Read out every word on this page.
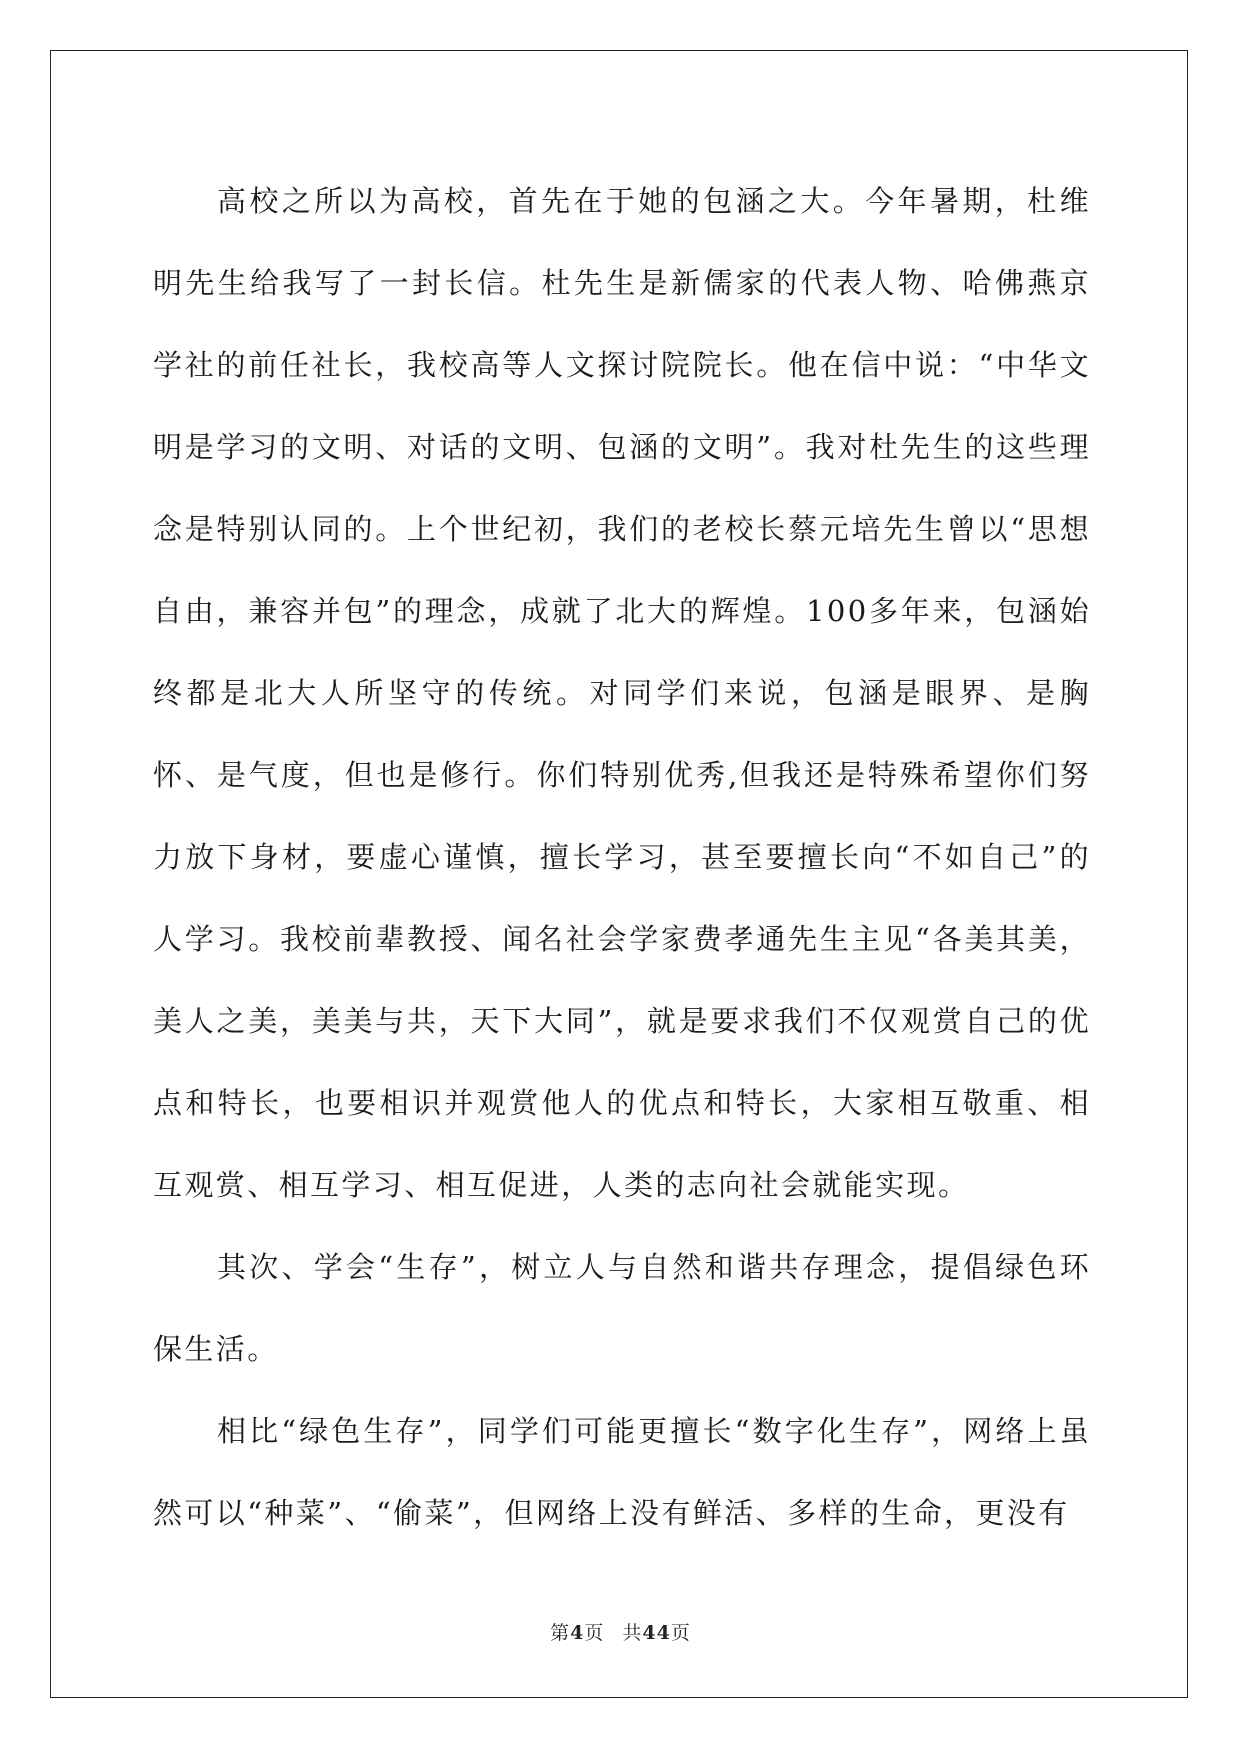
高校之所以为高校，首先在于她的包涵之大。今年暑期，杜维明先生给我写了一封长信。杜先生是新儒家的代表人物、哈佛燕京学社的前任社长，我校高等人文探讨院院长。他在信中说：“中华文明是学习的文明、对话的文明、包涵的文明”。我对杜先生的这些理念是特别认同的。上个世纪初，我们的老校长蔡元培先生曾以“思想自由，兼容并包”的理念，成就了北大的辉煌。100多年来，包涵始终都是北大人所坚守的传统。对同学们来说，包涵是眼界、是胸怀、是气度，但也是修行。你们特别优秀,但我还是特殊希望你们努力放下身材，要虚心谨慎，擅长学习，甚至要擅长向“不如自己”的人学习。我校前辈教授、闻名社会学家费孝通先生主见“各美其美，美人之美，美美与共，天下大同”，就是要求我们不仅观赏自己的优点和特长，也要相识并观赏他人的优点和特长，大家相互敬重、相互观赏、相互学习、相互促进，人类的志向社会就能实现。

其次、学会“生存”，树立人与自然和谐共存理念，提倡绿色环保生活。

相比“绿色生存”，同学们可能更擅长“数字化生存”，网络上虽然可以“种菜”、“偷菜”，但网络上没有鲜活、多样的生命，更没有

第4页 共44页
